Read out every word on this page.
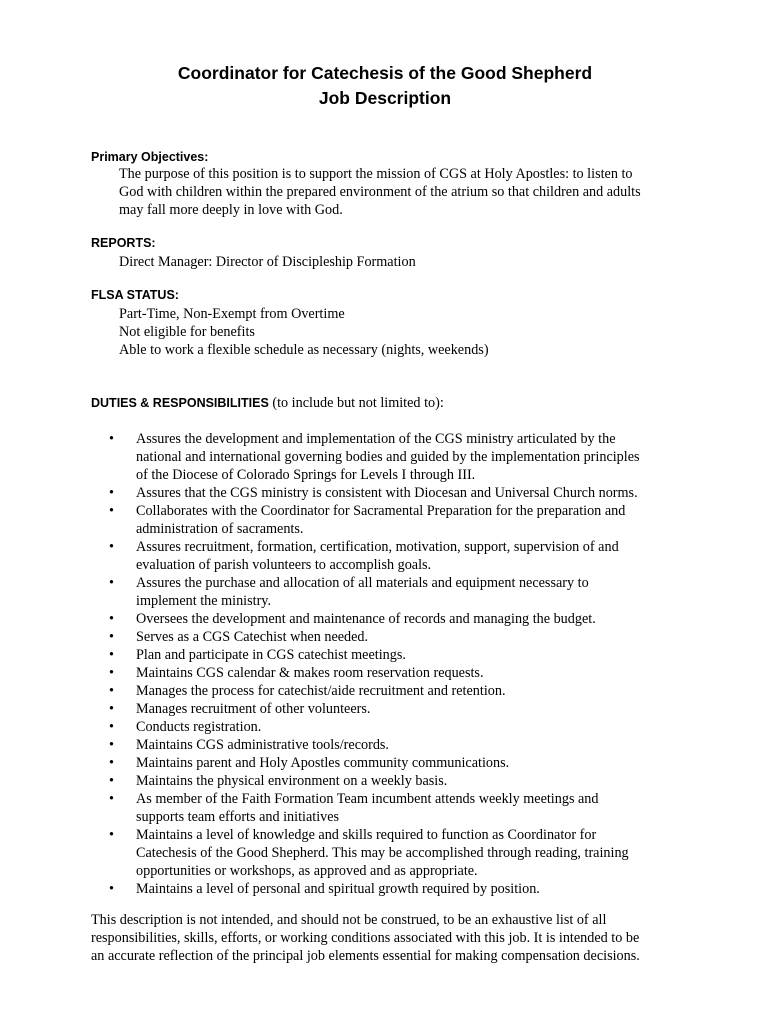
Coordinator for Catechesis of the Good Shepherd
Job Description
Primary Objectives:
The purpose of this position is to support the mission of CGS at Holy Apostles: to listen to
God with children within the prepared environment of the atrium so that children and adults
may fall more deeply in love with God.
REPORTS:
Direct Manager: Director of Discipleship Formation
FLSA STATUS:
Part-Time, Non-Exempt from Overtime
Not eligible for benefits
Able to work a flexible schedule as necessary (nights, weekends)
DUTIES & RESPONSIBILITIES (to include but not limited to):
• Assures the development and implementation of the CGS ministry articulated by the
national and international governing bodies and guided by the implementation principles
of the Diocese of Colorado Springs for Levels I through III.
• Assures that the CGS ministry is consistent with Diocesan and Universal Church norms.
• Collaborates with the Coordinator for Sacramental Preparation for the preparation and
administration of sacraments.
• Assures recruitment, formation, certification, motivation, support, supervision of and
evaluation of parish volunteers to accomplish goals.
• Assures the purchase and allocation of all materials and equipment necessary to
implement the ministry.
• Oversees the development and maintenance of records and managing the budget.
• Serves as a CGS Catechist when needed.
• Plan and participate in CGS catechist meetings.
• Maintains CGS calendar & makes room reservation requests.
• Manages the process for catechist/aide recruitment and retention.
• Manages recruitment of other volunteers.
• Conducts registration.
• Maintains CGS administrative tools/records.
• Maintains parent and Holy Apostles community communications.
• Maintains the physical environment on a weekly basis.
• As member of the Faith Formation Team incumbent attends weekly meetings and
supports team efforts and initiatives
• Maintains a level of knowledge and skills required to function as Coordinator for
Catechesis of the Good Shepherd. This may be accomplished through reading, training
opportunities or workshops, as approved and as appropriate.
• Maintains a level of personal and spiritual growth required by position.
This description is not intended, and should not be construed, to be an exhaustive list of all
responsibilities, skills, efforts, or working conditions associated with this job. It is intended to be
an accurate reflection of the principal job elements essential for making compensation decisions.
